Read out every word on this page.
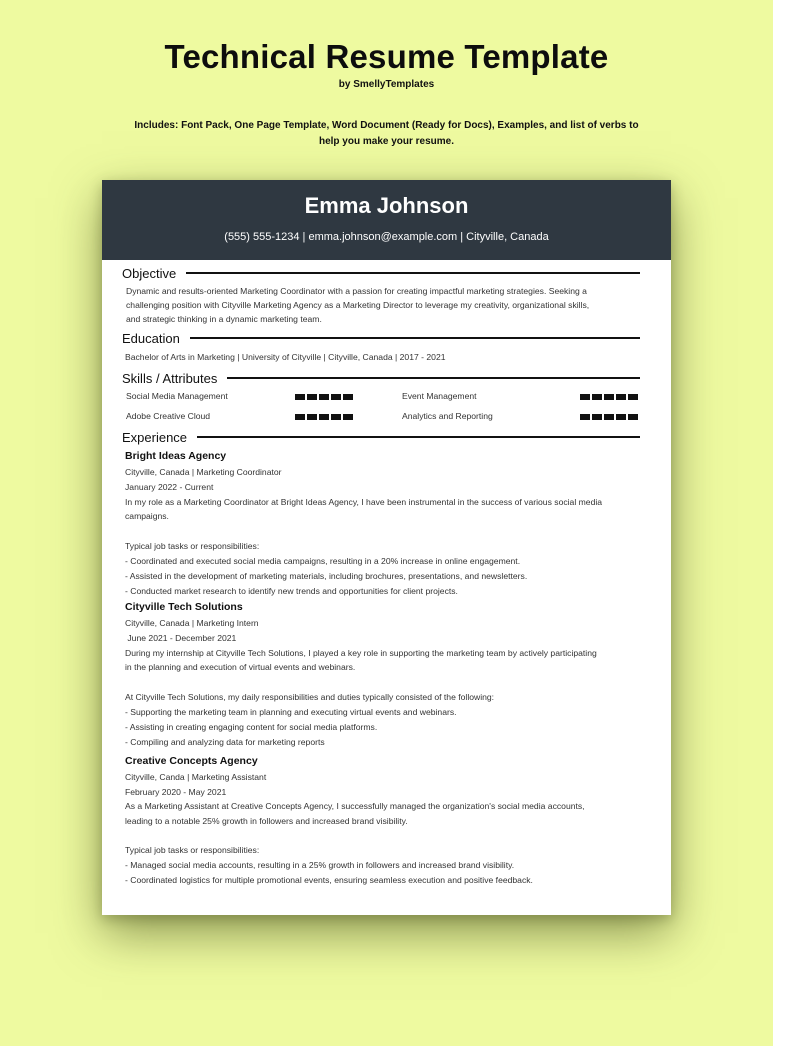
Technical Resume Template
by SmellyTemplates
Includes: Font Pack, One Page Template, Word Document (Ready for Docs), Examples, and list of verbs to
help you make your resume.
Emma Johnson
(555) 555-1234 | emma.johnson@example.com | Cityville, Canada
Objective
Dynamic and results-oriented Marketing Coordinator with a passion for creating impactful marketing strategies. Seeking a
challenging position with Cityville Marketing Agency as a Marketing Director to leverage my creativity, organizational skills,
and strategic thinking in a dynamic marketing team.
Education
Bachelor of Arts in Marketing | University of Cityville | Cityville, Canada | 2017 - 2021
Skills / Attributes
Social Media Management	Event Management
Adobe Creative Cloud	Analytics and Reporting
Experience
Bright Ideas Agency
Cityville, Canada | Marketing Coordinator
January 2022 - Current
In my role as a Marketing Coordinator at Bright Ideas Agency, I have been instrumental in the success of various social media
campaigns.
Typical job tasks or responsibilities:
- Coordinated and executed social media campaigns, resulting in a 20% increase in online engagement.
- Assisted in the development of marketing materials, including brochures, presentations, and newsletters.
- Conducted market research to identify new trends and opportunities for client projects.
Cityville Tech Solutions
Cityville, Canada | Marketing Intern
June 2021 - December 2021
During my internship at Cityville Tech Solutions, I played a key role in supporting the marketing team by actively participating
in the planning and execution of virtual events and webinars.
At Cityville Tech Solutions, my daily responsibilities and duties typically consisted of the following:
- Supporting the marketing team in planning and executing virtual events and webinars.
- Assisting in creating engaging content for social media platforms.
- Compiling and analyzing data for marketing reports
Creative Concepts Agency
Cityville, Canda | Marketing Assistant
February 2020 - May 2021
As a Marketing Assistant at Creative Concepts Agency, I successfully managed the organization's social media accounts,
leading to a notable 25% growth in followers and increased brand visibility.
Typical job tasks or responsibilities:
- Managed social media accounts, resulting in a 25% growth in followers and increased brand visibility.
- Coordinated logistics for multiple promotional events, ensuring seamless execution and positive feedback.
